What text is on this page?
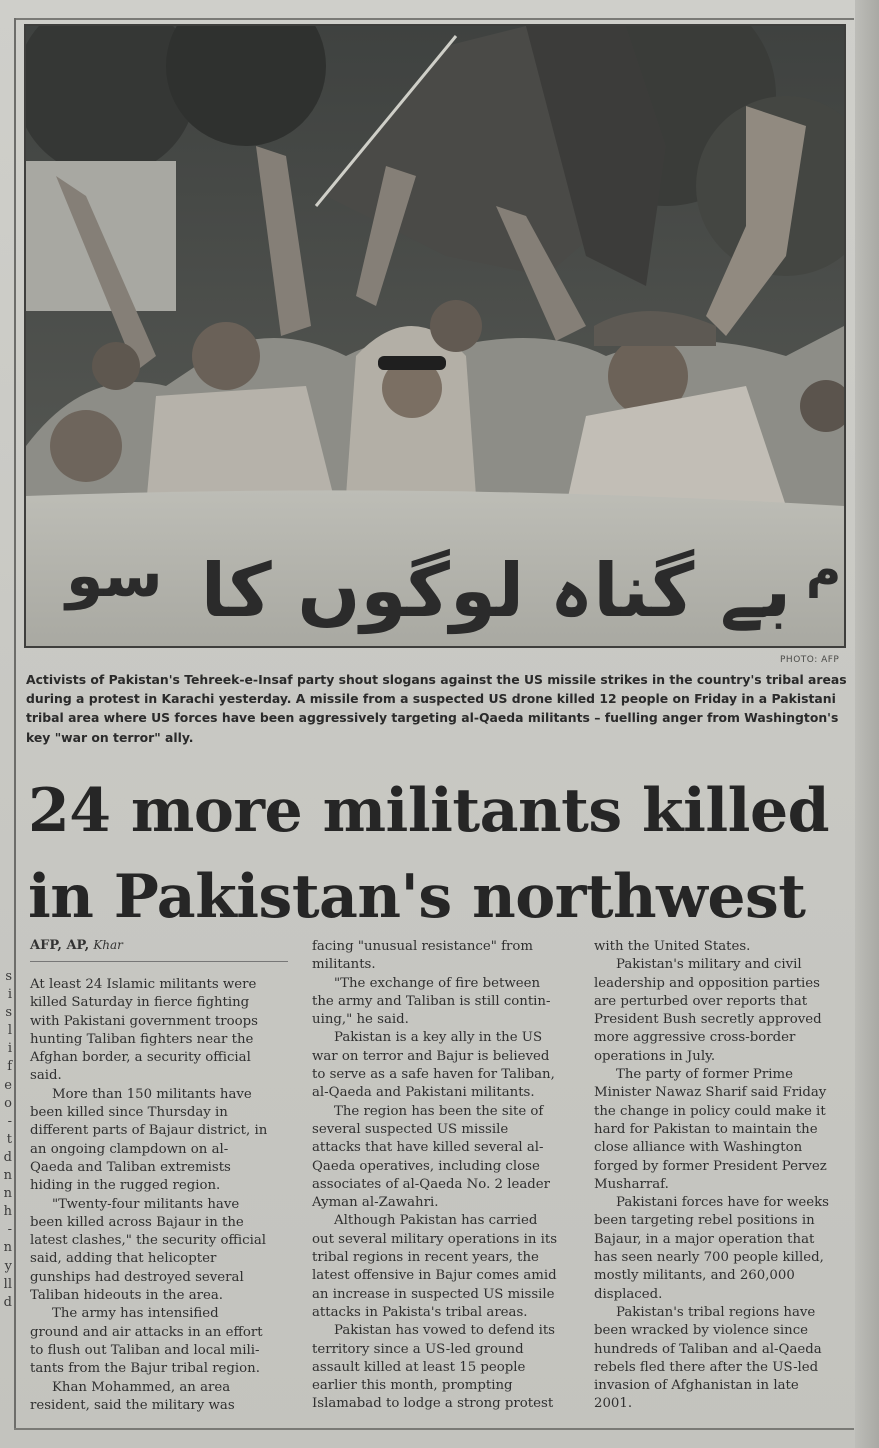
s
i
s
l
i
f
e
o
-
t
d
n
n
h
-
n
y
ll
d
بے گناہ لوگوں کا
سو	م
PHOTO: AFP
Activists of Pakistan's Tehreek-e-Insaf party shout slogans against the US missile strikes in the country's tribal areas
during a protest in Karachi yesterday. A missile from a suspected US drone killed 12 people on Friday in a Pakistani
tribal area where US forces have been aggressively targeting al-Qaeda militants – fuelling anger from Washington's
key "war on terror" ally.
24 more militants killed
in Pakistan's northwest
AFP, AP, Khar
At least 24 Islamic militants were
killed Saturday in fierce fighting
with Pakistani government troops
hunting Taliban fighters near the
Afghan border, a security official
said.
More than 150 militants have
been killed since Thursday in
different parts of Bajaur district, in
an ongoing clampdown on al-
Qaeda and Taliban extremists
hiding in the rugged region.
"Twenty-four militants have
been killed across Bajaur in the
latest clashes," the security official
said, adding that helicopter
gunships had destroyed several
Taliban hideouts in the area.
The army has intensified
ground and air attacks in an effort
to flush out Taliban and local mili-
tants from the Bajur tribal region.
Khan Mohammed, an area
resident, said the military was
facing "unusual resistance" from
militants.
"The exchange of fire between
the army and Taliban is still contin-
uing," he said.
Pakistan is a key ally in the US
war on terror and Bajur is believed
to serve as a safe haven for Taliban,
al-Qaeda and Pakistani militants.
The region has been the site of
several suspected US missile
attacks that have killed several al-
Qaeda operatives, including close
associates of al-Qaeda No. 2 leader
Ayman al-Zawahri.
Although Pakistan has carried
out several military operations in its
tribal regions in recent years, the
latest offensive in Bajur comes amid
an increase in suspected US missile
attacks in Pakista's tribal areas.
Pakistan has vowed to defend its
territory since a US-led ground
assault killed at least 15 people
earlier this month, prompting
Islamabad to lodge a strong protest
with the United States.
Pakistan's military and civil
leadership and opposition parties
are perturbed over reports that
President Bush secretly approved
more aggressive cross-border
operations in July.
The party of former Prime
Minister Nawaz Sharif said Friday
the change in policy could make it
hard for Pakistan to maintain the
close alliance with Washington
forged by former President Pervez
Musharraf.
Pakistani forces have for weeks
been targeting rebel positions in
Bajaur, in a major operation that
has seen nearly 700 people killed,
mostly militants, and 260,000
displaced.
Pakistan's tribal regions have
been wracked by violence since
hundreds of Taliban and al-Qaeda
rebels fled there after the US-led
invasion of Afghanistan in late
2001.
